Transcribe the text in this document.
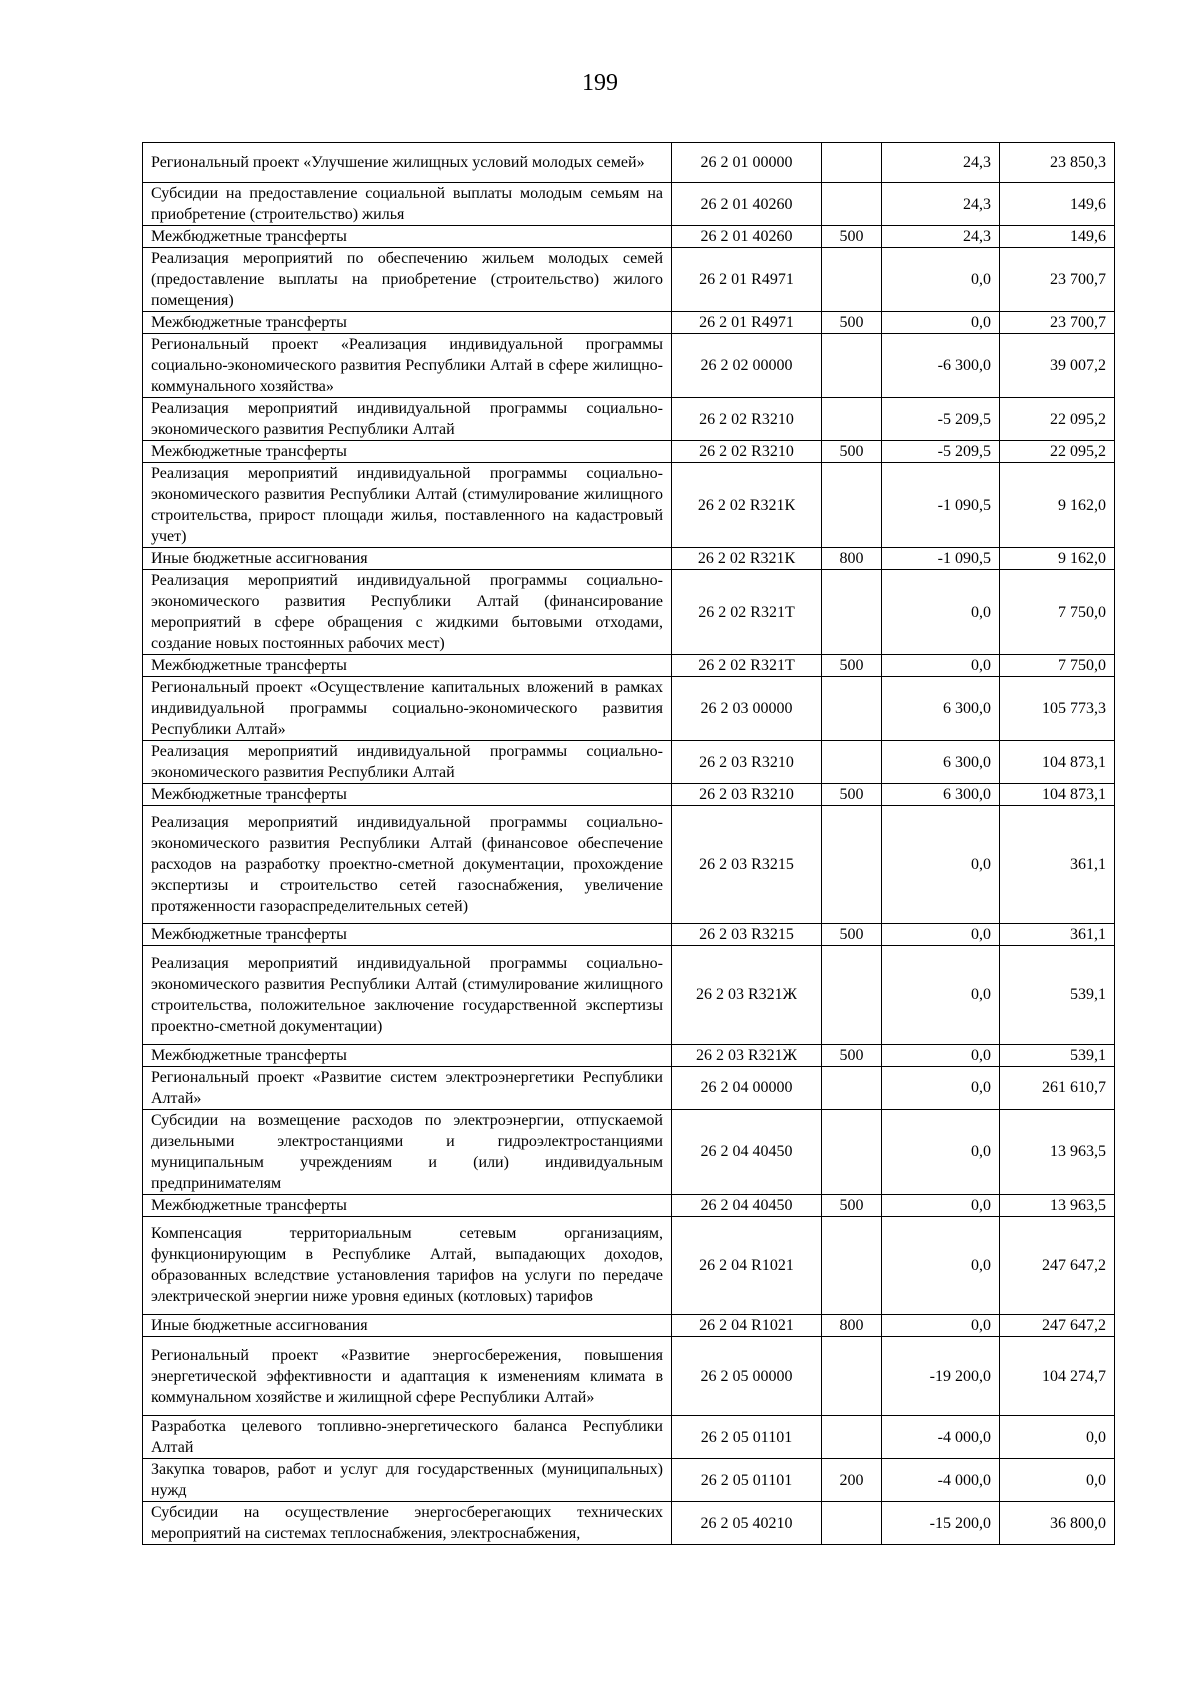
199
Региональный проект «Улучшение жилищных условий молодых семей»	26 2 01 00000		24,3	23 850,3
Субсидии на предоставление социальной выплаты молодым семьям на приобретение (строительство) жилья	26 2 01 40260		24,3	149,6
Межбюджетные трансферты	26 2 01 40260	500	24,3	149,6
Реализация мероприятий по обеспечению жильем молодых семей (предоставление выплаты на приобретение (строительство) жилого помещения)	26 2 01 R4971		0,0	23 700,7
Межбюджетные трансферты	26 2 01 R4971	500	0,0	23 700,7
Региональный проект «Реализация индивидуальной программы социально-экономического развития Республики Алтай в сфере жилищно-коммунального хозяйства»	26 2 02 00000		-6 300,0	39 007,2
Реализация мероприятий индивидуальной программы социально-экономического развития Республики Алтай	26 2 02 R3210		-5 209,5	22 095,2
Межбюджетные трансферты	26 2 02 R3210	500	-5 209,5	22 095,2
Реализация мероприятий индивидуальной программы социально-экономического развития Республики Алтай (стимулирование жилищного строительства, прирост площади жилья, поставленного на кадастровый учет)	26 2 02 R321К		-1 090,5	9 162,0
Иные бюджетные ассигнования	26 2 02 R321К	800	-1 090,5	9 162,0
Реализация мероприятий индивидуальной программы социально-экономического развития Республики Алтай (финансирование мероприятий в сфере обращения с жидкими бытовыми отходами, создание новых постоянных рабочих мест)	26 2 02 R321Т		0,0	7 750,0
Межбюджетные трансферты	26 2 02 R321Т	500	0,0	7 750,0
Региональный проект «Осуществление капитальных вложений в рамках индивидуальной программы социально-экономического развития Республики Алтай»	26 2 03 00000		6 300,0	105 773,3
Реализация мероприятий индивидуальной программы социально-экономического развития Республики Алтай	26 2 03 R3210		6 300,0	104 873,1
Межбюджетные трансферты	26 2 03 R3210	500	6 300,0	104 873,1
Реализация мероприятий индивидуальной программы социально-экономического развития Республики Алтай (финансовое обеспечение расходов на разработку проектно-сметной документации, прохождение экспертизы и строительство сетей газоснабжения, увеличение протяженности газораспределительных сетей)	26 2 03 R3215		0,0	361,1
Межбюджетные трансферты	26 2 03 R3215	500	0,0	361,1
Реализация мероприятий индивидуальной программы социально-экономического развития Республики Алтай (стимулирование жилищного строительства, положительное заключение государственной экспертизы проектно-сметной документации)	26 2 03 R321Ж		0,0	539,1
Межбюджетные трансферты	26 2 03 R321Ж	500	0,0	539,1
Региональный проект «Развитие систем электроэнергетики Республики Алтай»	26 2 04 00000		0,0	261 610,7
Субсидии на возмещение расходов по электроэнергии, отпускаемой дизельными электростанциями и гидроэлектростанциями муниципальным учреждениям и (или) индивидуальным предпринимателям	26 2 04 40450		0,0	13 963,5
Межбюджетные трансферты	26 2 04 40450	500	0,0	13 963,5
Компенсация территориальным сетевым организациям, функционирующим в Республике Алтай, выпадающих доходов, образованных вследствие установления тарифов на услуги по передаче электрической энергии ниже уровня единых (котловых) тарифов	26 2 04 R1021		0,0	247 647,2
Иные бюджетные ассигнования	26 2 04 R1021	800	0,0	247 647,2
Региональный проект «Развитие энергосбережения, повышения энергетической эффективности и адаптация к изменениям климата в коммунальном хозяйстве и жилищной сфере Республики Алтай»	26 2 05 00000		-19 200,0	104 274,7
Разработка целевого топливно-энергетического баланса Республики Алтай	26 2 05 01101		-4 000,0	0,0
Закупка товаров, работ и услуг для государственных (муниципальных) нужд	26 2 05 01101	200	-4 000,0	0,0
Субсидии на осуществление энергосберегающих технических мероприятий на системах теплоснабжения, электроснабжения,	26 2 05 40210		-15 200,0	36 800,0
